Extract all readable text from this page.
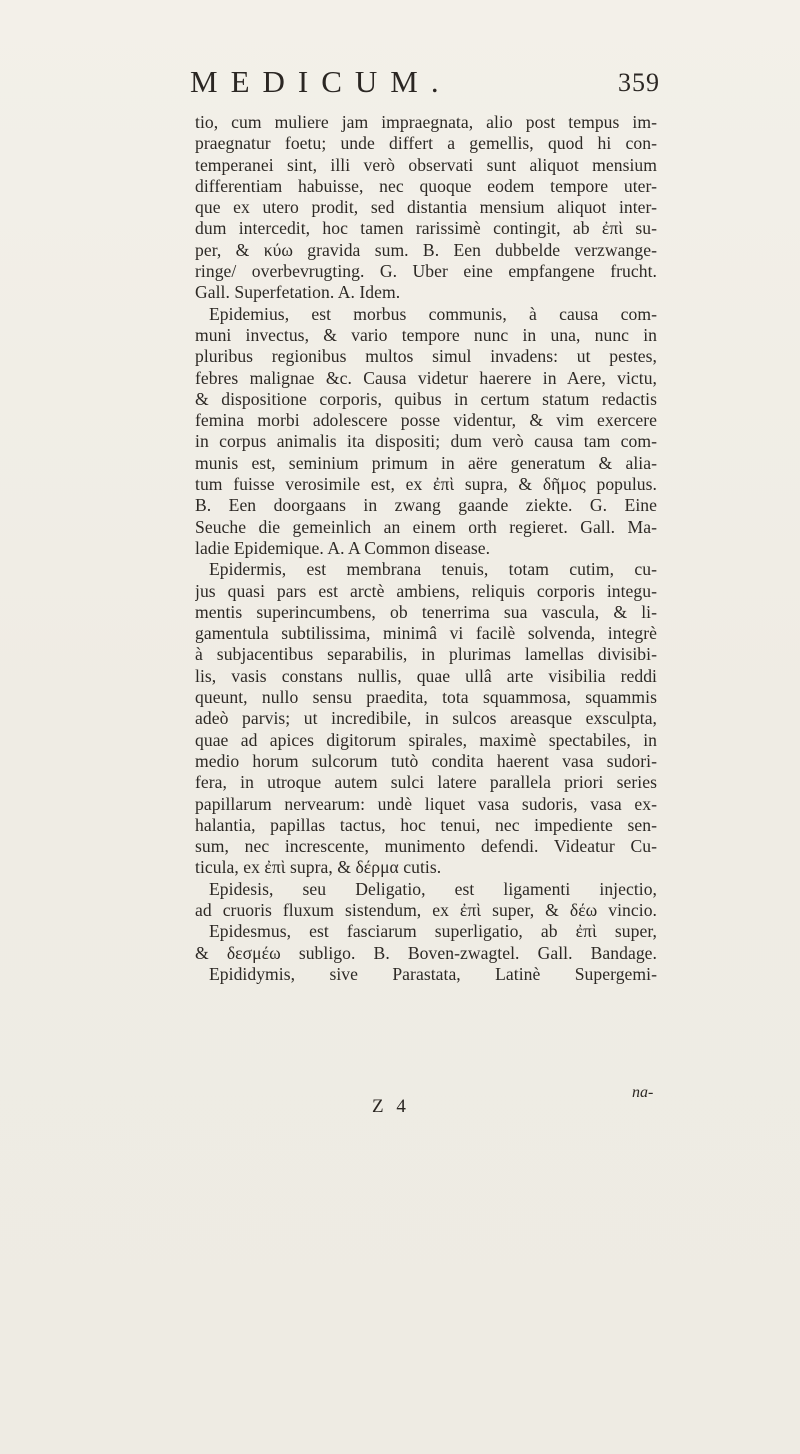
MEDICUM.	359
tio, cum muliere jam impraegnata, alio post tempus im-
praegnatur foetu; unde differt a gemellis, quod hi con-
temperanei sint, illi verò observati sunt aliquot mensium
differentiam habuisse, nec quoque eodem tempore uter-
que ex utero prodit, sed distantia mensium aliquot inter-
dum intercedit, hoc tamen rarissimè contingit, ab ἐπὶ su-
per, & κύω gravida sum. B. Een dubbelde verzwange-
ringe/ overbevrugting. G. Uber eine empfangene frucht.
Gall. Superfetation. A. Idem.
Epidemius, est morbus communis, à causa com-
muni invectus, & vario tempore nunc in una, nunc in
pluribus regionibus multos simul invadens: ut pestes,
febres malignae &c. Causa videtur haerere in Aere, victu,
& dispositione corporis, quibus in certum statum redactis
femina morbi adolescere posse videntur, & vim exercere
in corpus animalis ita dispositi; dum verò causa tam com-
munis est, seminium primum in aëre generatum & alia-
tum fuisse verosimile est, ex ἐπὶ supra, & δῆμος populus.
B. Een doorgaans in zwang gaande ziekte. G. Eine
Seuche die gemeinlich an einem orth regieret. Gall. Ma-
ladie Epidemique. A. A Common disease.
Epidermis, est membrana tenuis, totam cutim, cu-
jus quasi pars est arctè ambiens, reliquis corporis integu-
mentis superincumbens, ob tenerrima sua vascula, & li-
gamentula subtilissima, minimâ vi facilè solvenda, integrè
à subjacentibus separabilis, in plurimas lamellas divisibi-
lis, vasis constans nullis, quae ullâ arte visibilia reddi
queunt, nullo sensu praedita, tota squammosa, squammis
adeò parvis; ut incredibile, in sulcos areasque exsculpta,
quae ad apices digitorum spirales, maximè spectabiles, in
medio horum sulcorum tutò condita haerent vasa sudori-
fera, in utroque autem sulci latere parallela priori series
papillarum nervearum: undè liquet vasa sudoris, vasa ex-
halantia, papillas tactus, hoc tenui, nec impediente sen-
sum, nec increscente, munimento defendi. Videatur Cu-
ticula, ex ἐπὶ supra, & δέρμα cutis.
Epidesis, seu Deligatio, est ligamenti injectio,
ad cruoris fluxum sistendum, ex ἐπὶ super, & δέω vincio.
Epidesmus, est fasciarum superligatio, ab ἐπὶ super,
& δεσμέω subligo. B. Boven-zwagtel. Gall. Bandage.
Epididymis, sive Parastata, Latinè Supergemi-
na-
Z 4
